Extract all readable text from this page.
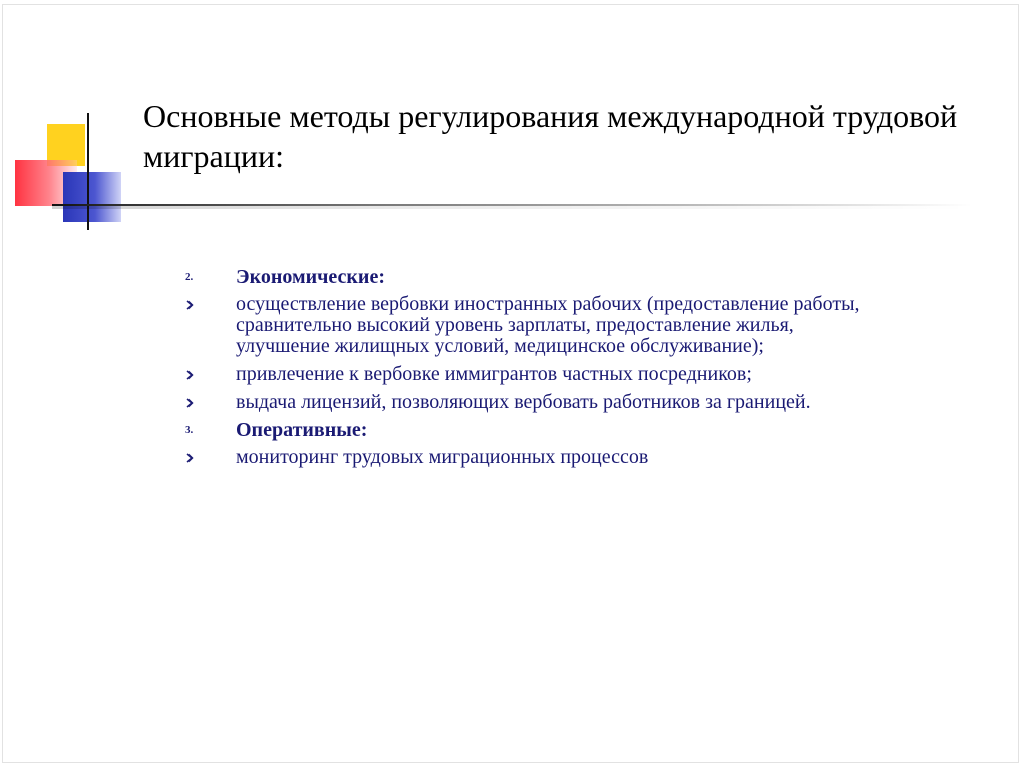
Основные методы регулирования международной трудовой миграции:
2. Экономические:
осуществление вербовки иностранных рабочих (предоставление работы, сравнительно высокий уровень зарплаты, предоставление жилья, улучшение жилищных условий, медицинское обслуживание);
привлечение к вербовке иммигрантов частных посредников;
выдача лицензий, позволяющих вербовать работников за границей.
3. Оперативные:
мониторинг трудовых миграционных процессов
